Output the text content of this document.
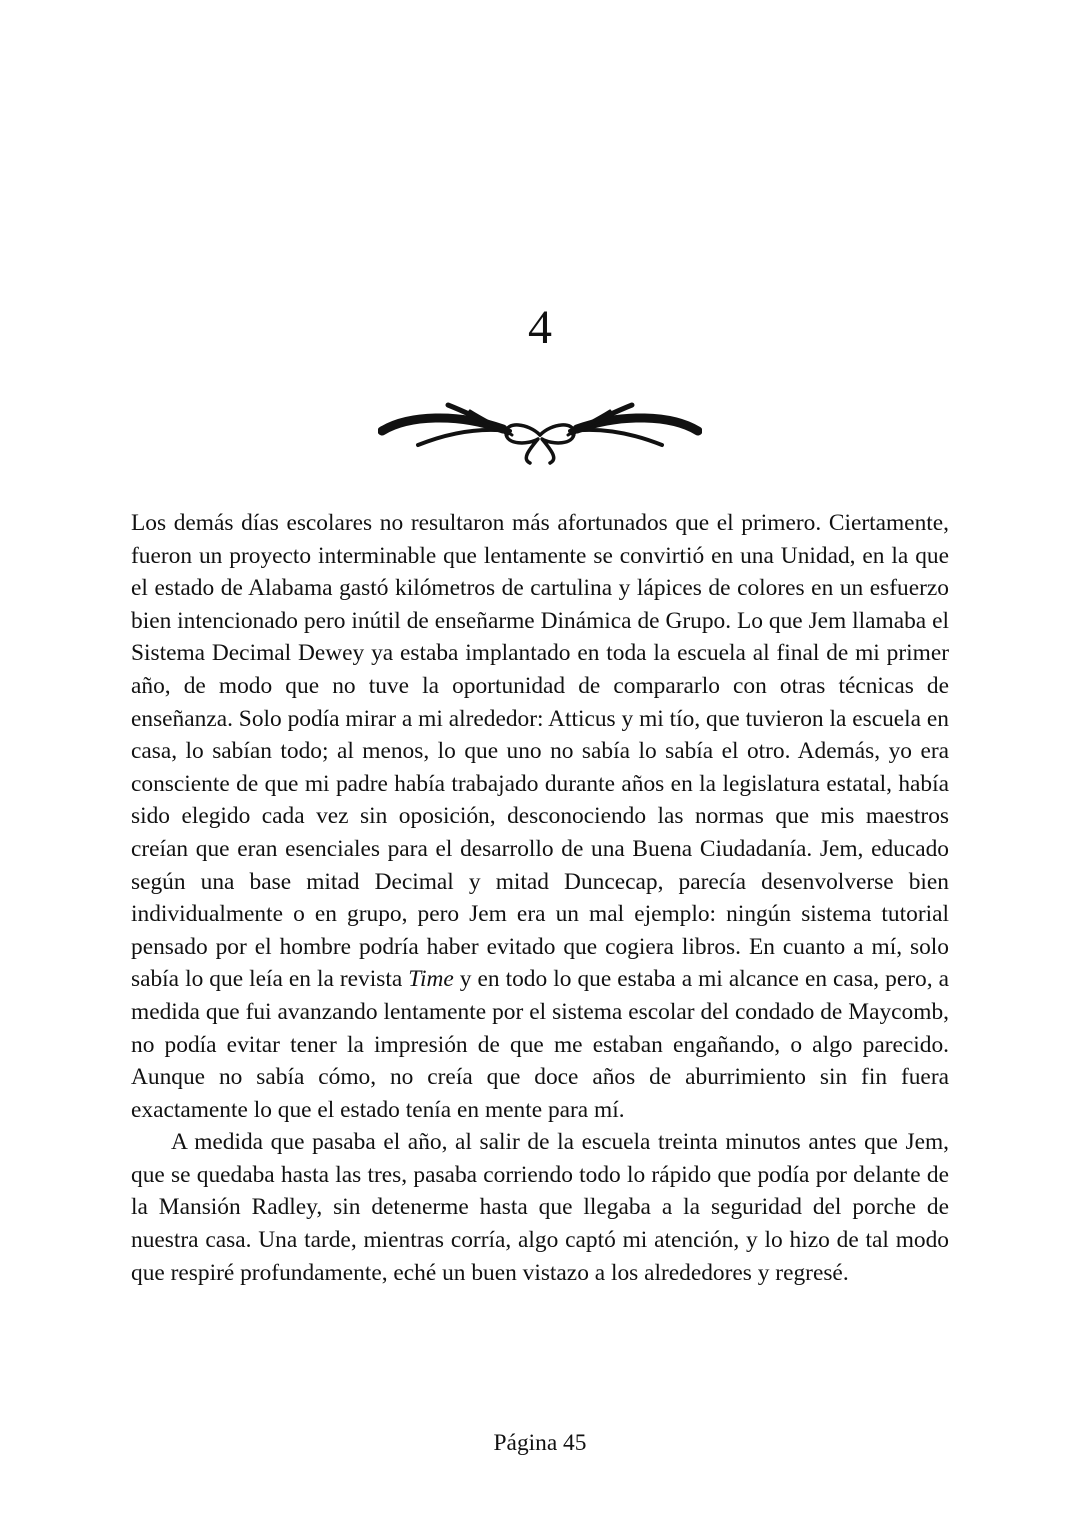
4

Los demás días escolares no resultaron más afortunados que el primero. Ciertamente, fueron un proyecto interminable que lentamente se convirtió en una Unidad, en la que el estado de Alabama gastó kilómetros de cartulina y lápices de colores en un esfuerzo bien intencionado pero inútil de enseñarme Dinámica de Grupo. Lo que Jem llamaba el Sistema Decimal Dewey ya estaba implantado en toda la escuela al final de mi primer año, de modo que no tuve la oportunidad de compararlo con otras técnicas de enseñanza. Solo podía mirar a mi alrededor: Atticus y mi tío, que tuvieron la escuela en casa, lo sabían todo; al menos, lo que uno no sabía lo sabía el otro. Además, yo era consciente de que mi padre había trabajado durante años en la legislatura estatal, había sido elegido cada vez sin oposición, desconociendo las normas que mis maestros creían que eran esenciales para el desarrollo de una Buena Ciudadanía. Jem, educado según una base mitad Decimal y mitad Duncecap, parecía desenvolverse bien individualmente o en grupo, pero Jem era un mal ejemplo: ningún sistema tutorial pensado por el hombre podría haber evitado que cogiera libros. En cuanto a mí, solo sabía lo que leía en la revista Time y en todo lo que estaba a mi alcance en casa, pero, a medida que fui avanzando lentamente por el sistema escolar del condado de Maycomb, no podía evitar tener la impresión de que me estaban engañando, o algo parecido. Aunque no sabía cómo, no creía que doce años de aburrimiento sin fin fuera exactamente lo que el estado tenía en mente para mí.

A medida que pasaba el año, al salir de la escuela treinta minutos antes que Jem, que se quedaba hasta las tres, pasaba corriendo todo lo rápido que podía por delante de la Mansión Radley, sin detenerme hasta que llegaba a la seguridad del porche de nuestra casa. Una tarde, mientras corría, algo captó mi atención, y lo hizo de tal modo que respiré profundamente, eché un buen vistazo a los alrededores y regresé.

Página 45
